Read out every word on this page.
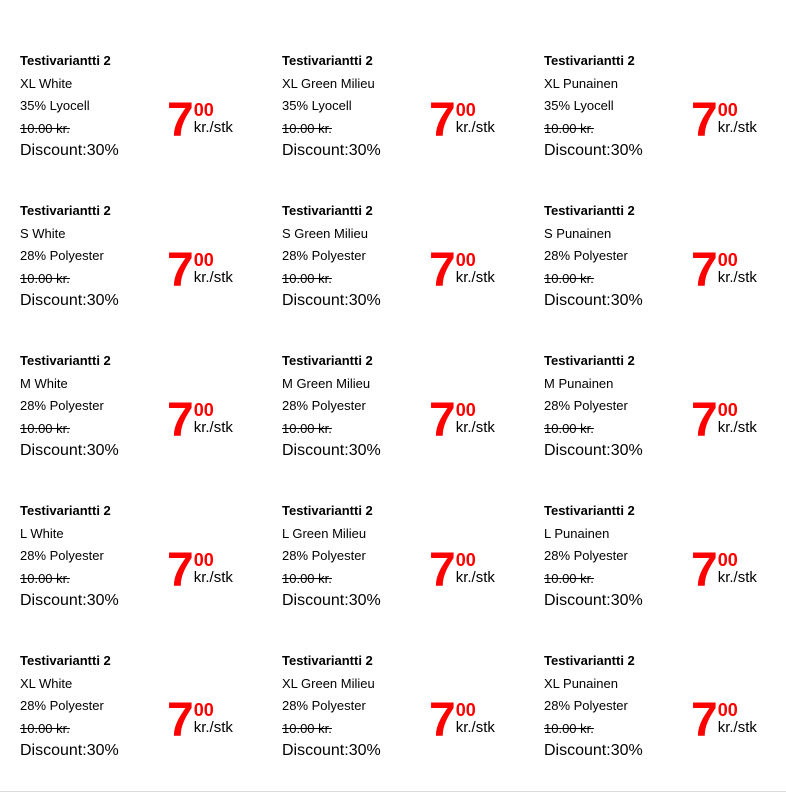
Testivariantti 2
XL White
35% Lyocell
10.00 kr.
Discount:30%
7 00
kr./stk
Testivariantti 2
XL Green Milieu
35% Lyocell
10.00 kr.
Discount:30%
7 00
kr./stk
Testivariantti 2
XL Punainen
35% Lyocell
10.00 kr.
Discount:30%
7 00
kr./stk
Testivariantti 2
S White
28% Polyester
10.00 kr.
Discount:30%
7 00
kr./stk
Testivariantti 2
S Green Milieu
28% Polyester
10.00 kr.
Discount:30%
7 00
kr./stk
Testivariantti 2
S Punainen
28% Polyester
10.00 kr.
Discount:30%
7 00
kr./stk
Testivariantti 2
M White
28% Polyester
10.00 kr.
Discount:30%
7 00
kr./stk
Testivariantti 2
M Green Milieu
28% Polyester
10.00 kr.
Discount:30%
7 00
kr./stk
Testivariantti 2
M Punainen
28% Polyester
10.00 kr.
Discount:30%
7 00
kr./stk
Testivariantti 2
L White
28% Polyester
10.00 kr.
Discount:30%
7 00
kr./stk
Testivariantti 2
L Green Milieu
28% Polyester
10.00 kr.
Discount:30%
7 00
kr./stk
Testivariantti 2
L Punainen
28% Polyester
10.00 kr.
Discount:30%
7 00
kr./stk
Testivariantti 2
XL White
28% Polyester
10.00 kr.
Discount:30%
7 00
kr./stk
Testivariantti 2
XL Green Milieu
28% Polyester
10.00 kr.
Discount:30%
7 00
kr./stk
Testivariantti 2
XL Punainen
28% Polyester
10.00 kr.
Discount:30%
7 00
kr./stk
